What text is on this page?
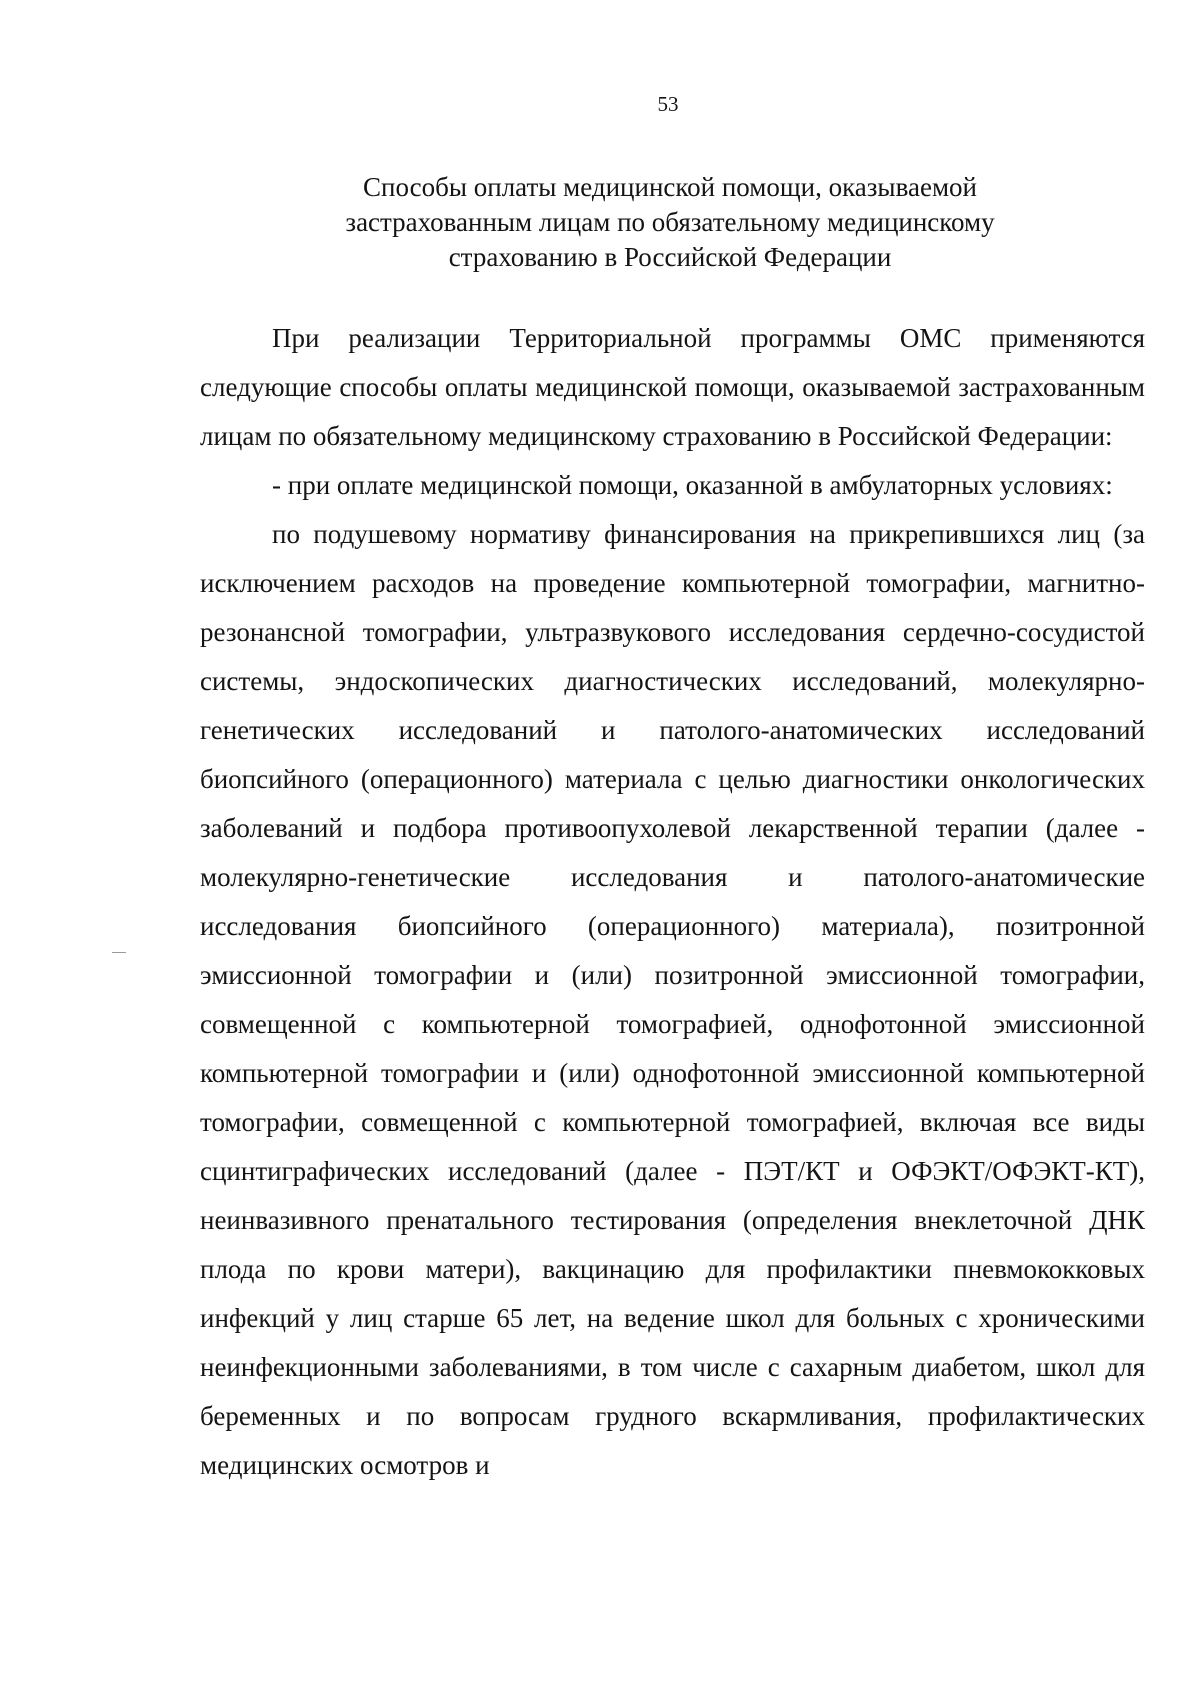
53
Способы оплаты медицинской помощи, оказываемой
застрахованным лицам по обязательному медицинскому
страхованию в Российской Федерации

При реализации Территориальной программы ОМС применяются следующие способы оплаты медицинской помощи, оказываемой застрахованным лицам по обязательному медицинскому страхованию в Российской Федерации:

- при оплате медицинской помощи, оказанной в амбулаторных условиях:

по подушевому нормативу финансирования на прикрепившихся лиц (за исключением расходов на проведение компьютерной томографии, магнитно-резонансной томографии, ультразвукового исследования сердечно-сосудистой системы, эндоскопических диагностических исследований, молекулярно-генетических исследований и патолого-анатомических исследований биопсийного (операционного) материала с целью диагностики онкологических заболеваний и подбора противоопухолевой лекарственной терапии (далее - молекулярно-генетические исследования и патолого-анатомические исследования биопсийного (операционного) материала), позитронной эмиссионной томографии и (или) позитронной эмиссионной томографии, совмещенной с компьютерной томографией, однофотонной эмиссионной компьютерной томографии и (или) однофотонной эмиссионной компьютерной томографии, совмещенной с компьютерной томографией, включая все виды сцинтиграфических исследований (далее - ПЭТ/КТ и ОФЭКТ/ОФЭКТ-КТ), неинвазивного пренатального тестирования (определения внеклеточной ДНК плода по крови матери), вакцинацию для профилактики пневмококковых инфекций у лиц старше 65 лет, на ведение школ для больных с хроническими неинфекционными заболеваниями, в том числе с сахарным диабетом, школ для беременных и по вопросам грудного вскармливания, профилактических медицинских осмотров и
